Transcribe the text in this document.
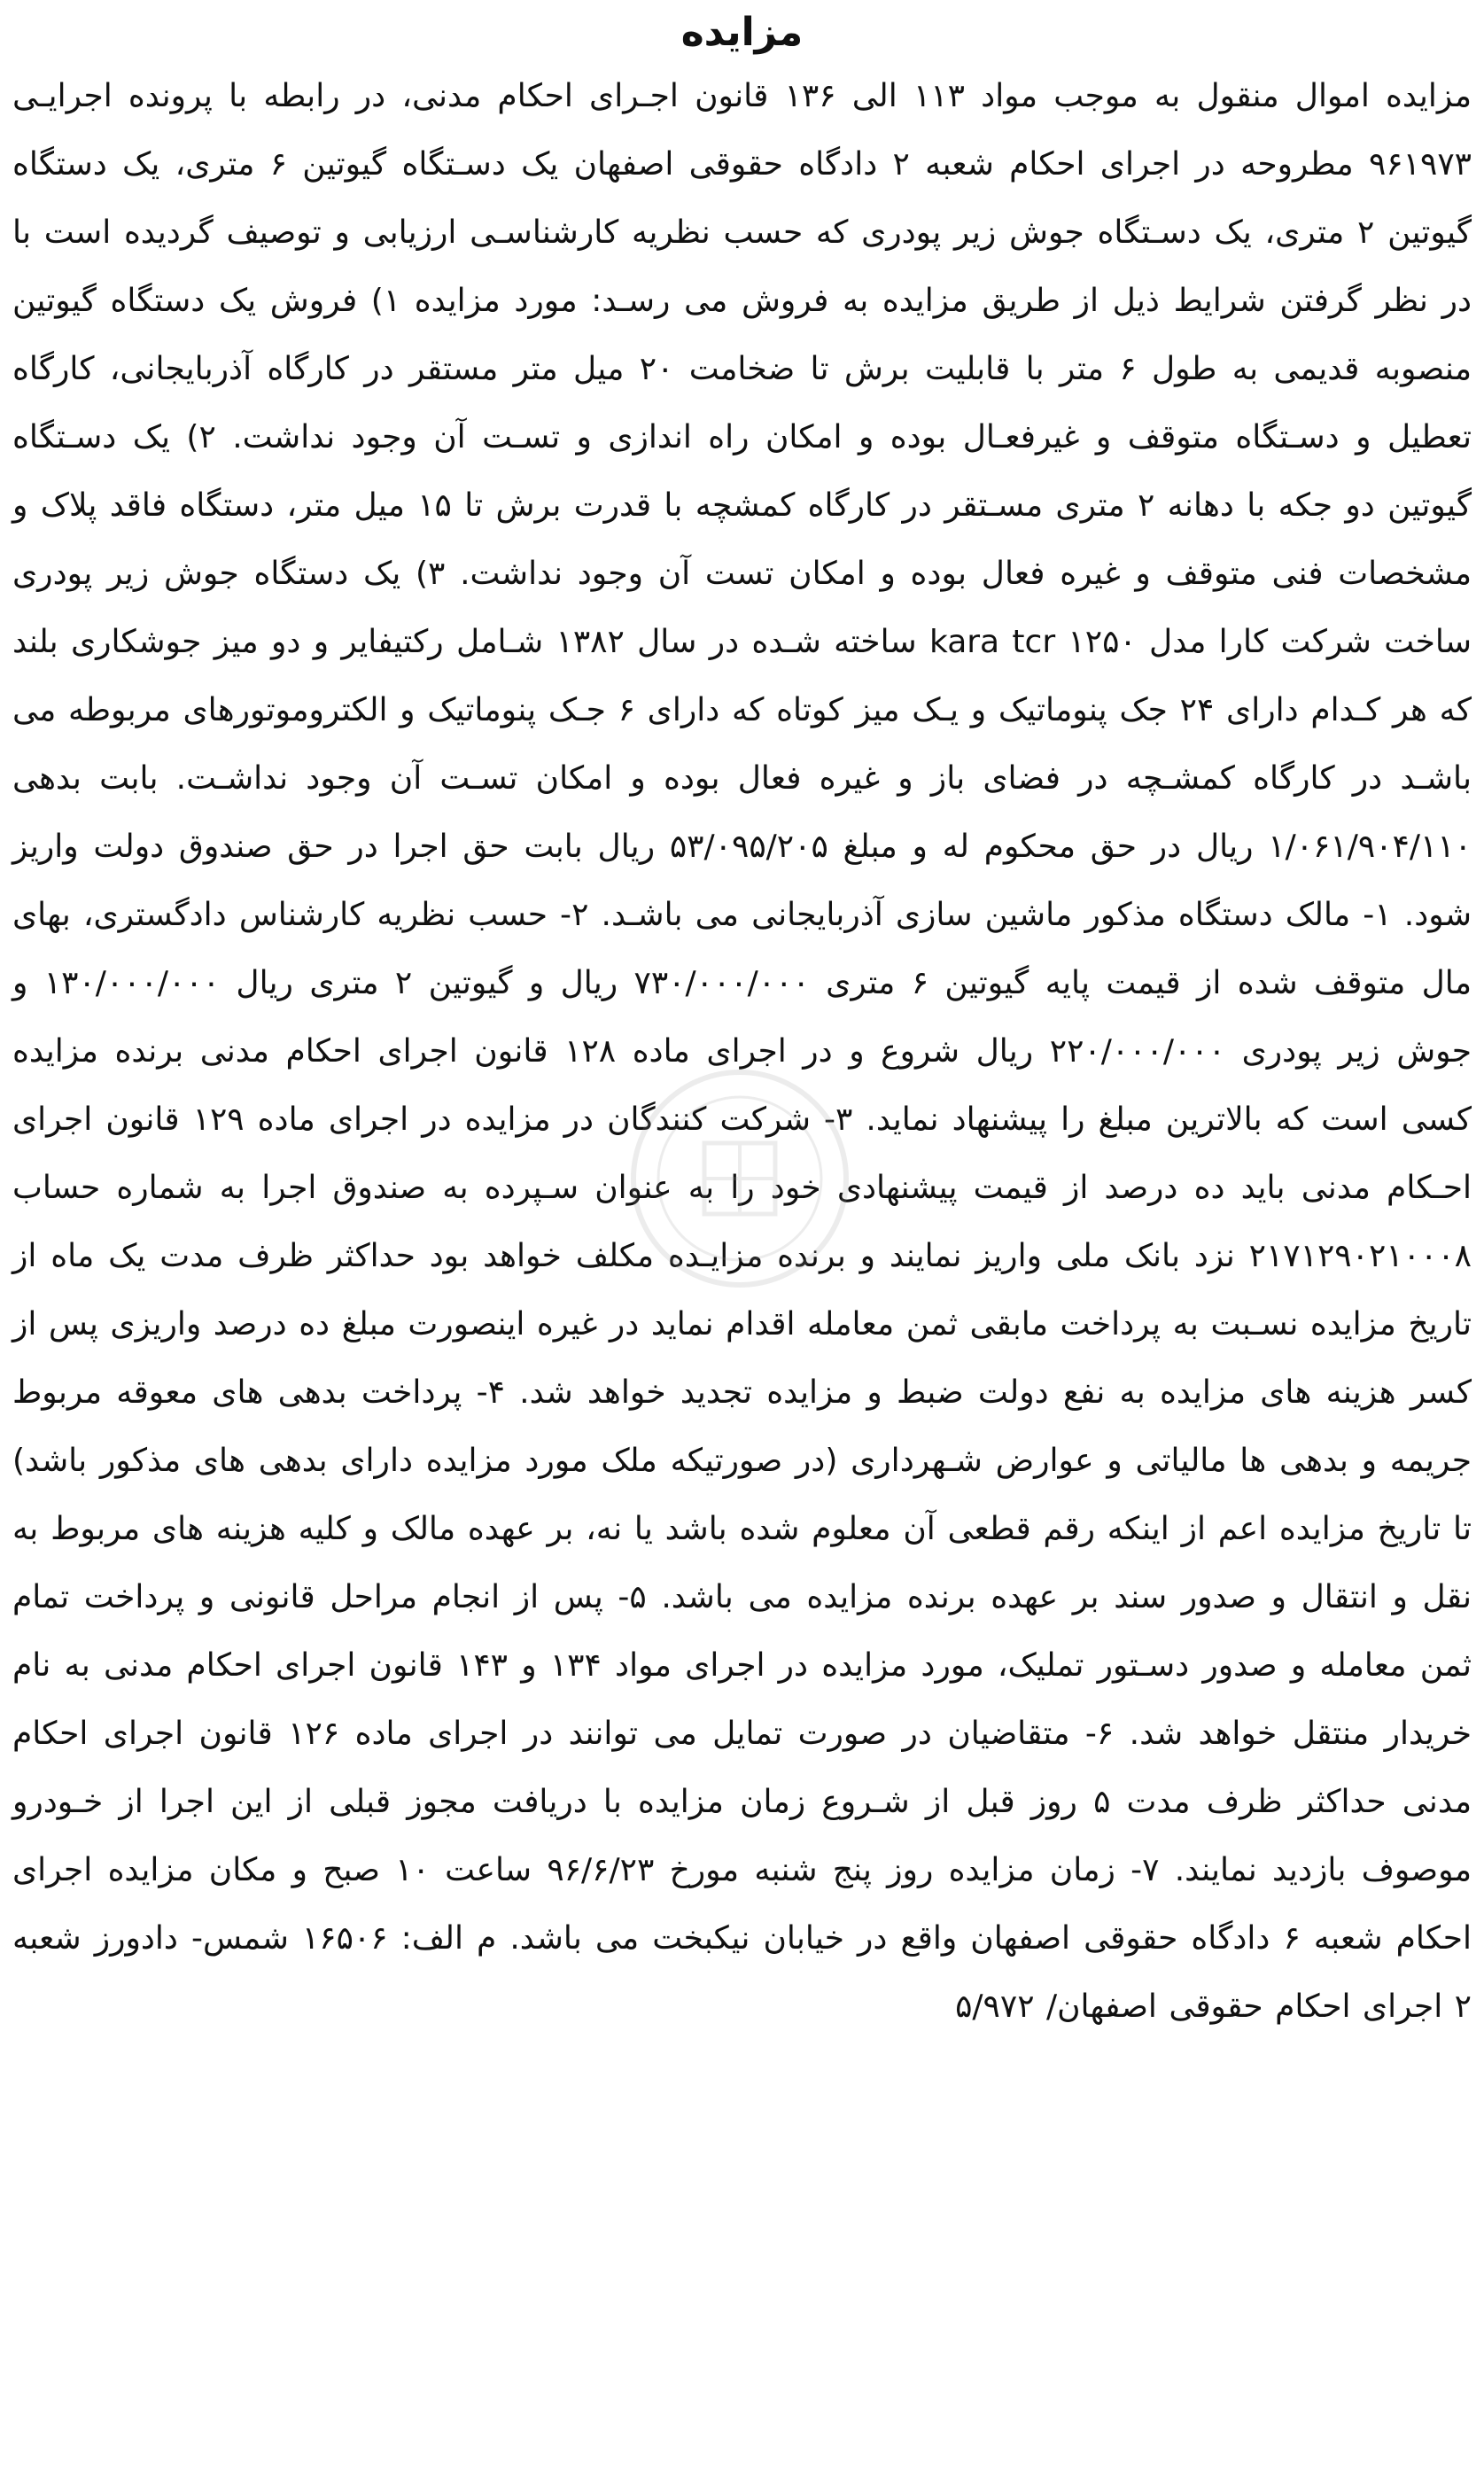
مزایده

مزایده اموال منقول به موجب مواد ۱۱۳ الی ۱۳۶ قانون اجـرای احکام مدنی، در رابطه با پرونده اجرایـی ۹۶۱۹۷۳ مطروحه در اجرای احکام شعبه ۲ دادگاه حقوقی اصفهان یک دسـتگاه گیوتین ۶ متری، یک دستگاه گیوتین ۲ متری، یک دسـتگاه جوش زیر پودری که حسب نظریه کارشناسـی ارزیابی و توصیف گردیده است با در نظر گرفتن شرایط ذیل از طریق مزایده به فروش می رسـد: مورد مزایده ۱) فروش یک دستگاه گیوتین منصوبه قدیمی به طول ۶ متر با قابلیت برش تا ضخامت ۲۰ میل متر مستقر در کارگاه آذربایجانی، کارگاه تعطیل و دسـتگاه متوقف و غیرفعـال بوده و امکان راه اندازی و تسـت آن وجود نداشت. ۲) یک دسـتگاه گیوتین دو جکه با دهانه ۲ متری مسـتقر در کارگاه کمشچه با قدرت برش تا ۱۵ میل متر، دستگاه فاقد پلاک و مشخصات فنی متوقف و غیره فعال بوده و امکان تست آن وجود نداشت. ۳) یک دستگاه جوش زیر پودری ساخت شرکت کارا مدل ۱۲۵۰ kara tcr ساخته شـده در سال ۱۳۸۲ شـامل رکتیفایر و دو میز جوشکاری بلند که هر کـدام دارای ۲۴ جک پنوماتیک و یـک میز کوتاه که دارای ۶ جـک پنوماتیک و الکتروموتورهای مربوطه می باشـد در کارگاه کمشـچه در فضای باز و غیره فعال بوده و امکان تسـت آن وجود نداشـت. بابت بدهی ۱/۰۶۱/۹۰۴/۱۱۰ ریال در حق محکوم له و مبلغ ۵۳/۰۹۵/۲۰۵ ریال بابت حق اجرا در حق صندوق دولت واریز شود. ۱- مالک دستگاه مذکور ماشین سازی آذربایجانی می باشـد. ۲- حسب نظریه کارشناس دادگستری، بهای مال متوقف شده از قیمت پایه گیوتین ۶ متری ۷۳۰/۰۰۰/۰۰۰ ریال و گیوتین ۲ متری ریال ۱۳۰/۰۰۰/۰۰۰ و جوش زیر پودری ۲۲۰/۰۰۰/۰۰۰ ریال شروع و در اجرای ماده ۱۲۸ قانون اجرای احکام مدنی برنده مزایده کسی است که بالاترین مبلغ را پیشنهاد نماید. ۳- شرکت کنندگان در مزایده در اجرای ماده ۱۲۹ قانون اجرای احـکام مدنی باید ده درصد از قیمت پیشنهادی خود را به عنوان سـپرده به صندوق اجرا به شماره حساب ۲۱۷۱۲۹۰۲۱۰۰۰۸ نزد بانک ملی واریز نمایند و برنده مزایـده مکلف خواهد بود حداکثر ظرف مدت یک ماه از تاریخ مزایده نسـبت به پرداخت مابقی ثمن معامله اقدام نماید در غیره اینصورت مبلغ ده درصد واریزی پس از کسر هزینه های مزایده به نفع دولت ضبط و مزایده تجدید خواهد شد. ۴- پرداخت بدهی های معوقه مربوط جریمه و بدهی ها مالیاتی و عوارض شـهرداری (در صورتیکه ملک مورد مزایده دارای بدهی های مذکور باشد) تا تاریخ مزایده اعم از اینکه رقم قطعی آن معلوم شده باشد یا نه، بر عهده مالک و کلیه هزینه های مربوط به نقل و انتقال و صدور سند بر عهده برنده مزایده می باشد. ۵- پس از انجام مراحل قانونی و پرداخت تمام ثمن معامله و صدور دسـتور تملیک، مورد مزایده در اجرای مواد ۱۳۴ و ۱۴۳ قانون اجرای احکام مدنی به نام خریدار منتقل خواهد شد. ۶- متقاضیان در صورت تمایل می توانند در اجرای ماده ۱۲۶ قانون اجرای احکام مدنی حداکثر ظرف مدت ۵ روز قبل از شـروع زمان مزایده با دریافت مجوز قبلی از این اجرا از خـودرو موصوف بازدید نمایند. ۷- زمان مزایده روز پنج شنبه مورخ ۹۶/۶/۲۳ ساعت ۱۰ صبح و مکان مزایده اجرای احکام شعبه ۶ دادگاه حقوقی اصفهان واقع در خیابان نیکبخت می باشد. م الف: ۱۶۵۰۶ شمس- دادورز شعبه ۲ اجرای احکام حقوقی اصفهان/ ۵/۹۷۲
